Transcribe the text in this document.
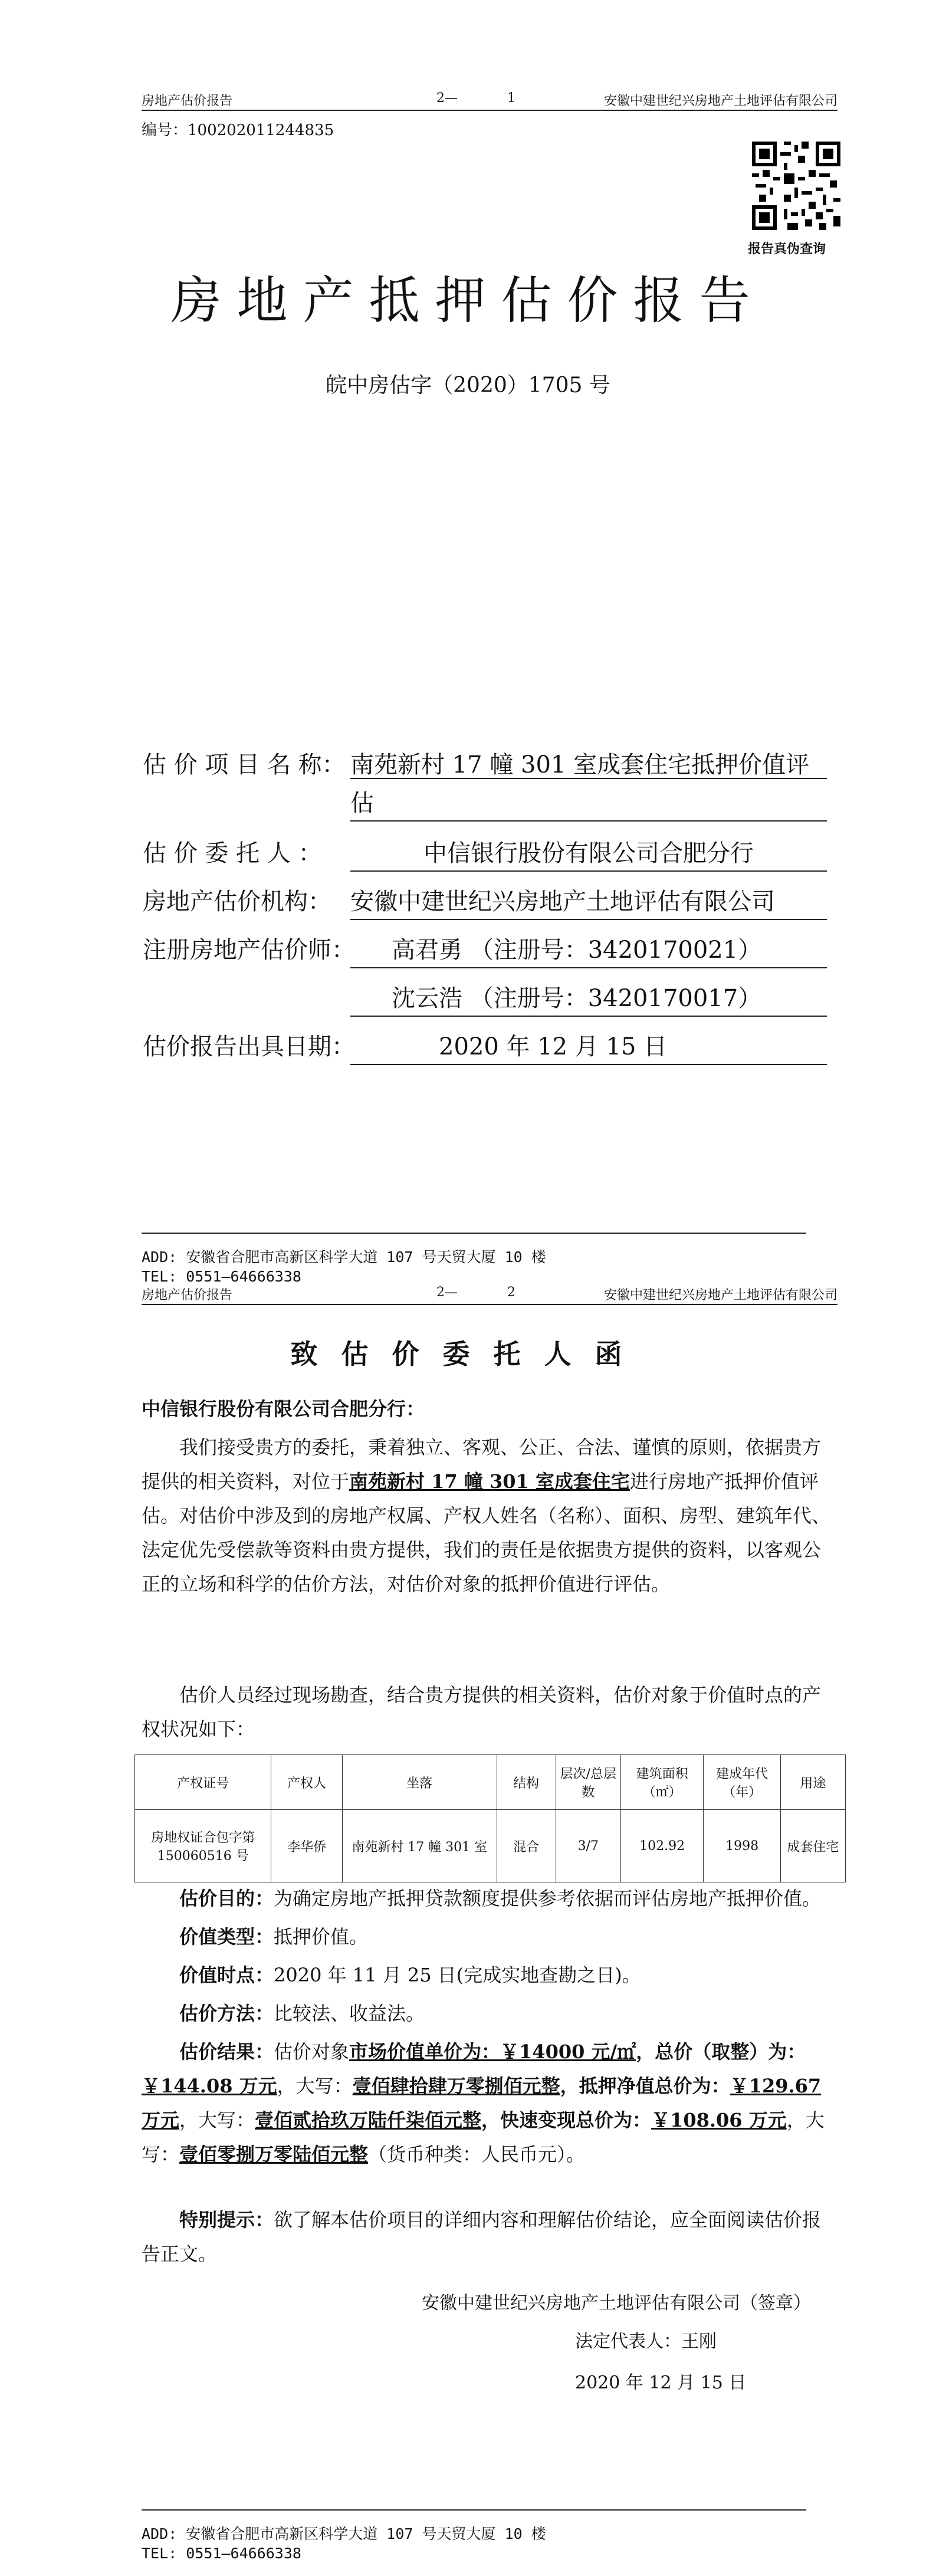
房地产估价报告	2—	1	安徽中建世纪兴房地产土地评估有限公司
编号：100202011244835
报告真伪查询
房地产抵押估价报告
皖中房估字（2020）1705 号
估 价 项 目 名 称： 南苑新村 17 幢 301 室成套住宅抵押价值评
估
估 价 委 托 人 ：	中信银行股份有限公司合肥分行
房地产估价机构： 安徽中建世纪兴房地产土地评估有限公司
注册房地产估价师：	高君勇 （注册号：3420170021）
沈云浩 （注册号：3420170017）
估价报告出具日期：	2020 年 12 月 15 日
ADD: 安徽省合肥市高新区科学大道 107 号天贸大厦 10 楼
TEL: 0551—64666338
房地产估价报告	2—	2	安徽中建世纪兴房地产土地评估有限公司
致估价委托人函
中信银行股份有限公司合肥分行：
我们接受贵方的委托，秉着独立、客观、公正、合法、谨慎的原则，依据贵方提供的相关资料，对位于南苑新村 17 幢 301 室成套住宅进行房地产抵押价值评估。对估价中涉及到的房地产权属、产权人姓名（名称）、面积、房型、建筑年代、法定优先受偿款等资料由贵方提供，我们的责任是依据贵方提供的资料，以客观公正的立场和科学的估价方法，对估价对象的抵押价值进行评估。
估价人员经过现场勘查，结合贵方提供的相关资料，估价对象于价值时点的产权状况如下：
产权证号	产权人	坐落	结构	层次/总层数	建筑面积（㎡）	建成年代（年）	用途
房地权证合包字第150060516 号	李华侨	南苑新村 17 幢 301 室	混合	3/7	102.92	1998	成套住宅
估价目的：为确定房地产抵押贷款额度提供参考依据而评估房地产抵押价值。
价值类型：抵押价值。
价值时点：2020 年 11 月 25 日(完成实地查勘之日)。
估价方法：比较法、收益法。
估价结果：估价对象市场价值单价为：￥14000 元/㎡，总价（取整）为：￥144.08 万元，大写：壹佰肆拾肆万零捌佰元整，抵押净值总价为：￥129.67 万元，大写：壹佰贰拾玖万陆仟柒佰元整，快速变现总价为：￥108.06 万元，大写：壹佰零捌万零陆佰元整（货币种类：人民币元）。
特别提示：欲了解本估价项目的详细内容和理解估价结论，应全面阅读估价报告正文。
安徽中建世纪兴房地产土地评估有限公司（签章）
法定代表人：王刚
2020 年 12 月 15 日
ADD: 安徽省合肥市高新区科学大道 107 号天贸大厦 10 楼
TEL: 0551—64666338
